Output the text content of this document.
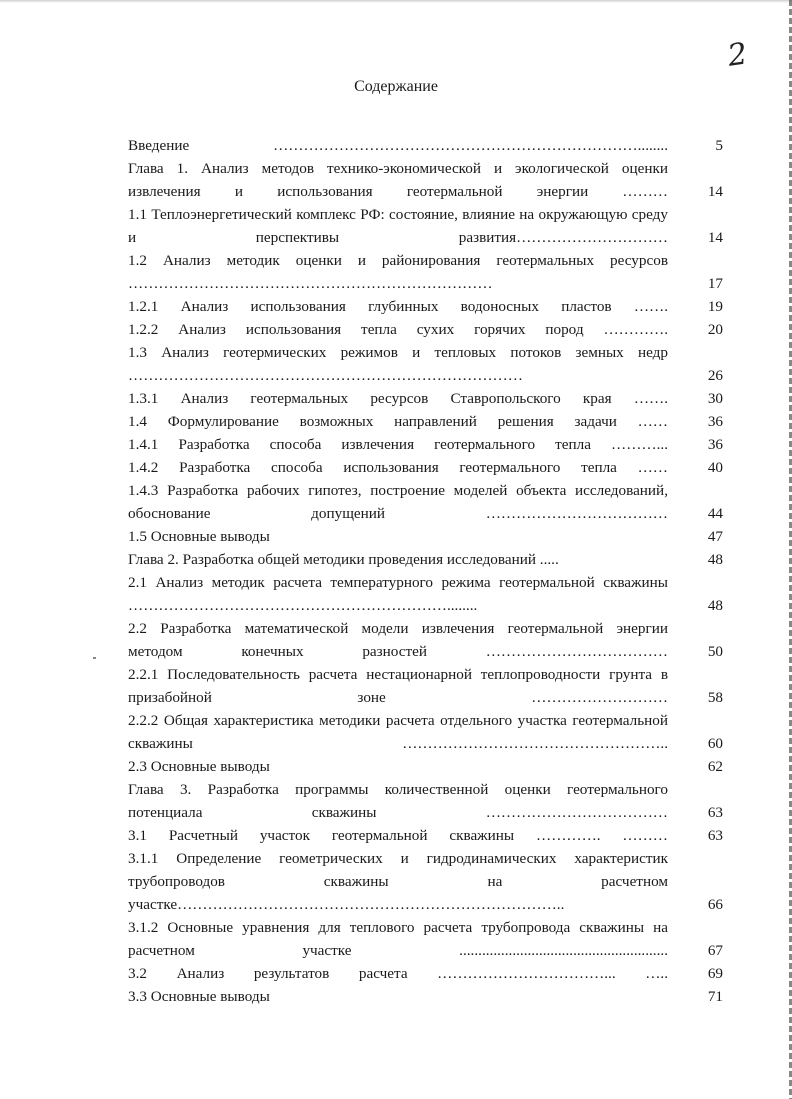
2
Содержание
Введение ………………………………………………………………........	5
Глава 1. Анализ методов технико-экономической и экологической оценки извлечения и использования геотермальной энергии ………	14
1.1 Теплоэнергетический комплекс РФ: состояние, влияние на окружающую среду и перспективы развития…………………………	14
1.2 Анализ методик оценки и районирования геотермальных ресурсов ………………………………………………………………	17
1.2.1 Анализ использования глубинных водоносных пластов …….	19
1.2.2 Анализ использования тепла сухих горячих пород ………….	20
1.3 Анализ геотермических режимов и тепловых потоков земных недр ……………………………………………………………………	26
1.3.1 Анализ геотермальных ресурсов Ставропольского края …….	30
1.4 Формулирование возможных направлений решения задачи ……	36
1.4.1 Разработка способа извлечения геотермального тепла ………...	36
1.4.2 Разработка способа использования геотермального тепла ……	40
1.4.3 Разработка рабочих гипотез, построение моделей объекта исследований, обоснование допущений ………………………………	44
1.5 Основные выводы	47
Глава 2. Разработка общей методики проведения исследований .....	48
2.1 Анализ методик расчета температурного режима геотермальной скважины ………………………………………………………........	48
2.2 Разработка математической модели извлечения геотермальной энергии методом конечных разностей ………………………………	50
2.2.1 Последовательность расчета нестационарной теплопроводности грунта в призабойной зоне ………………………	58
2.2.2 Общая характеристика методики расчета отдельного участка геотермальной скважины ……………………………………………..	60
2.3 Основные выводы	62
Глава 3. Разработка программы количественной оценки геотермального потенциала скважины ………………………………	63
3.1 Расчетный участок геотермальной скважины …………. ………	63
3.1.1 Определение геометрических и гидродинамических характеристик трубопроводов скважины на расчетном участке…………………………………………………………………..	66
3.1.2 Основные уравнения для теплового расчета трубопровода скважины на расчетном участке .......................................................	67
3.2 Анализ результатов расчета ……………………………... …..	69
3.3 Основные выводы	71
